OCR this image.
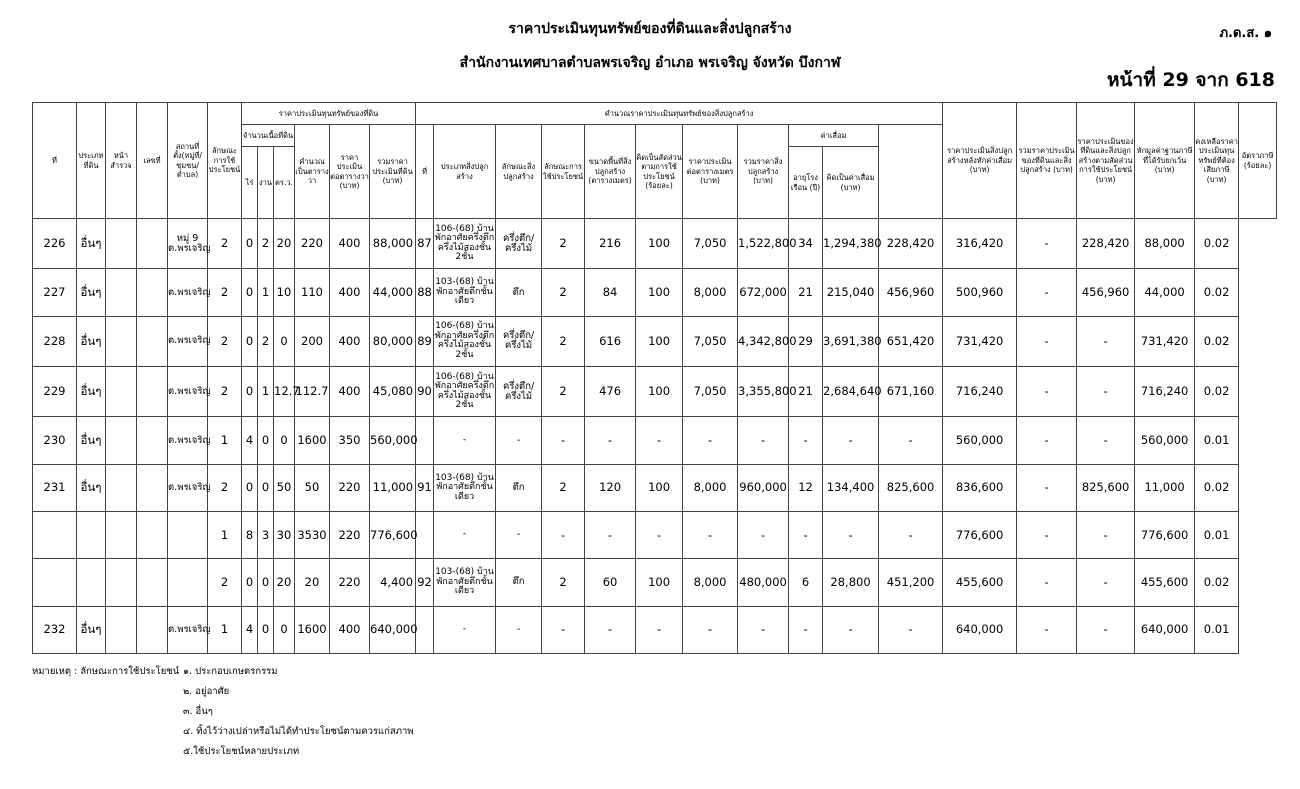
ราคาประเมินทุนทรัพย์ของที่ดินและสิ่งปลูกสร้าง
สำนักงานเทศบาลตำบลพรเจริญ อำเภอ พรเจริญ จังหวัด บึงกาฬ
ภ.ด.ส. ๑
หน้าที่ 29 จาก 618
ที่	ประเภทที่ดิน	หน้าสำรวจ	เลขที่	สถานที่ตั้ง(หมู่ที่/ชุมชน/ตำบล)	ลักษณะการใช้ประโยชน์	ราคาประเมินทุนทรัพย์ของที่ดิน						คำนวณราคาประเมินทุนทรัพย์ของสิ่งปลูกสร้าง											ราคาประเมินสิ่งปลูกสร้างหลังหักค่าเสื่อม (บาท)	รวมราคาประเมินของที่ดินและสิ่งปลูกสร้าง (บาท)	ราคาประเมินของที่ดินและสิ่งปลูกสร้างตามสัดส่วนการใช้ประโยชน์ (บาท)	หักมูลค่าฐานภาษีที่ได้รับยกเว้น (บาท)	คงเหลือราคาประเมินทุนทรัพย์ที่ต้องเสียภาษี (บาท)	อัตราภาษี (ร้อยละ)
						จำนวนเนื้อที่ดิน			คำนวณเป็นตารางวา	ราคาประเมินต่อตารางวา (บาท)	รวมราคาประเมินที่ดิน (บาท)	ที่	ประเภทสิ่งปลูกสร้าง	ลักษณะสิ่งปลูกสร้าง	ลักษณะการใช้ประโยชน์	ขนาดพื้นที่สิ่งปลูกสร้าง (ตารางเมตร)	คิดเป็นสัดส่วนตามการใช้ประโยชน์ (ร้อยละ)	ราคาประเมินต่อตารางเมตร (บาท)	รวมราคาสิ่งปลูกสร้าง (บาท)	ค่าเสื่อม								
						ไร่	งาน	ตร.ว.												อายุโรงเรือน (ปี)	คิดเป็นค่าเสื่อม (บาท)							
226	อื่นๆ			หมู่ 9 ต.พรเจริญ	2	0	2	20	220	400	88,000	87	106-(68) บ้านพักอาศัยครึ่งตึกครึ่งไม้สองชั้น 2ชั้น	ครึ่งตึก/ครึ่งไม้	2	216	100	7,050	1,522,800	34	1,294,380	228,420	316,420	-	228,420	88,000	0.02	
227	อื่นๆ			ต.พรเจริญ	2	0	1	10	110	400	44,000	88	103-(68) บ้านพักอาศัยตึกชั้นเดียว	ตึก	2	84	100	8,000	672,000	21	215,040	456,960	500,960	-	456,960	44,000	0.02	
228	อื่นๆ			ต.พรเจริญ	2	0	2	0	200	400	80,000	89	106-(68) บ้านพักอาศัยครึ่งตึกครึ่งไม้สองชั้น 2ชั้น	ครึ่งตึก/ครึ่งไม้	2	616	100	7,050	4,342,800	29	3,691,380	651,420	731,420	-	-	731,420	0.02	
229	อื่นๆ			ต.พรเจริญ	2	0	1	12.7	112.7	400	45,080	90	106-(68) บ้านพักอาศัยครึ่งตึกครึ่งไม้สองชั้น 2ชั้น	ครึ่งตึก/ครึ่งไม้	2	476	100	7,050	3,355,800	21	2,684,640	671,160	716,240	-	-	716,240	0.02	
230	อื่นๆ			ต.พรเจริญ	1	4	0	0	1600	350	560,000		-	-	-	-	-	-	-	-	-	-	560,000	-	-	560,000	0.01	
231	อื่นๆ			ต.พรเจริญ	2	0	0	50	50	220	11,000	91	103-(68) บ้านพักอาศัยตึกชั้นเดียว	ตึก	2	120	100	8,000	960,000	12	134,400	825,600	836,600	-	825,600	11,000	0.02	
					1	8	3	30	3530	220	776,600		-	-	-	-	-	-	-	-	-	-	776,600	-	-	776,600	0.01	
					2	0	0	20	20	220	4,400	92	103-(68) บ้านพักอาศัยตึกชั้นเดียว	ตึก	2	60	100	8,000	480,000	6	28,800	451,200	455,600	-	-	455,600	0.02	
232	อื่นๆ			ต.พรเจริญ	1	4	0	0	1600	400	640,000		-	-	-	-	-	-	-	-	-	-	640,000	-	-	640,000	0.01	
หมายเหตุ : ลักษณะการใช้ประโยชน์ ๑. ประกอบเกษตรกรรม
๒. อยู่อาศัย
๓. อื่นๆ
๔. ทิ้งไว้ว่างเปล่าหรือไม่ได้ทำประโยชน์ตามควรแก่สภาพ
๕.ใช้ประโยชน์หลายประเภท
